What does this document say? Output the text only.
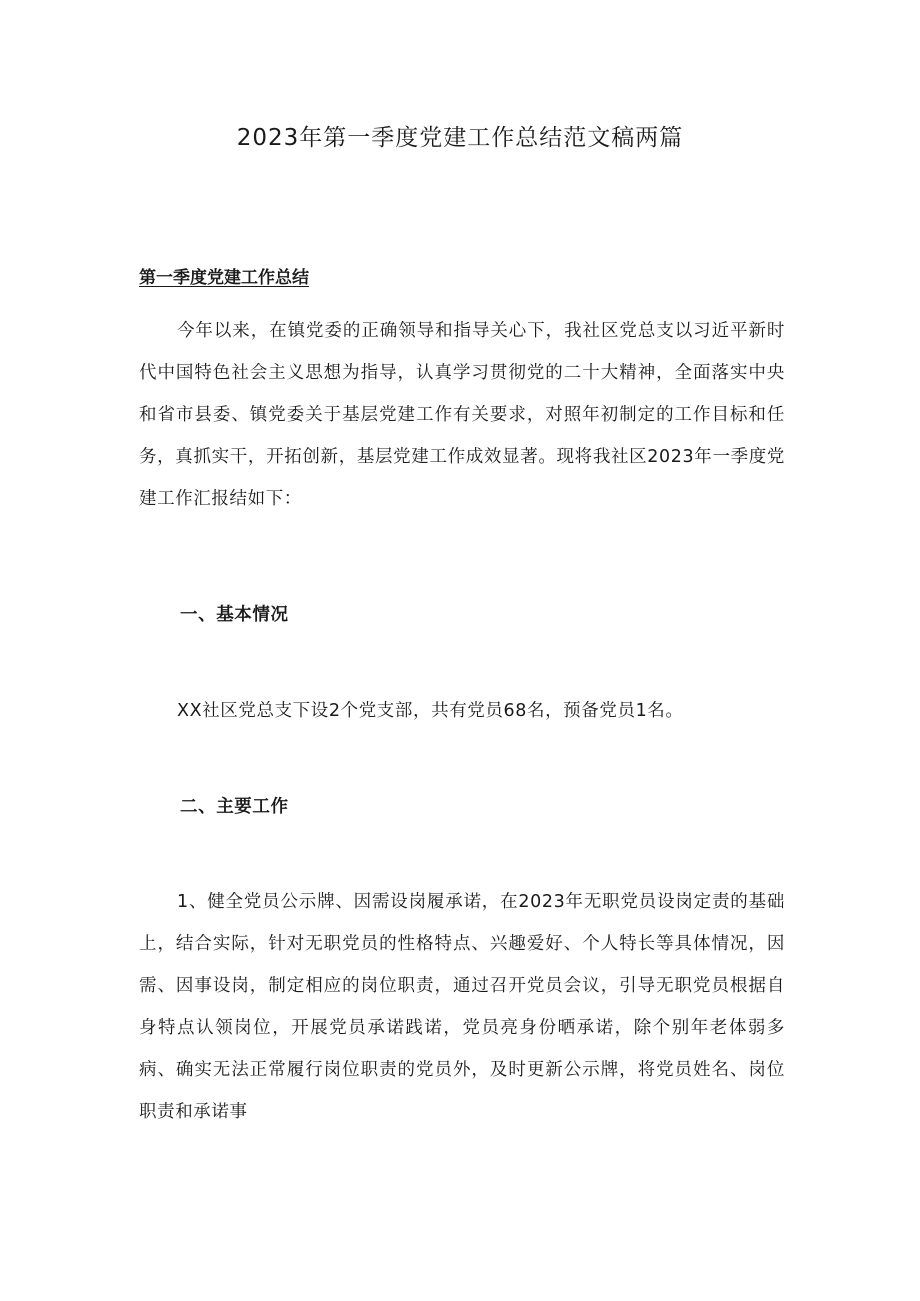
2023年第一季度党建工作总结范文稿两篇
第一季度党建工作总结
今年以来，在镇党委的正确领导和指导关心下，我社区党总支以习近平新时代中国特色社会主义思想为指导，认真学习贯彻党的二十大精神，全面落实中央和省市县委、镇党委关于基层党建工作有关要求，对照年初制定的工作目标和任务，真抓实干，开拓创新，基层党建工作成效显著。现将我社区2023年一季度党建工作汇报结如下：
一、基本情况
XX社区党总支下设2个党支部，共有党员68名，预备党员1名。
二、主要工作
1、健全党员公示牌、因需设岗履承诺，在2023年无职党员设岗定责的基础上，结合实际，针对无职党员的性格特点、兴趣爱好、个人特长等具体情况，因需、因事设岗，制定相应的岗位职责，通过召开党员会议，引导无职党员根据自身特点认领岗位，开展党员承诺践诺，党员亮身份晒承诺，除个别年老体弱多病、确实无法正常履行岗位职责的党员外，及时更新公示牌，将党员姓名、岗位职责和承诺事
